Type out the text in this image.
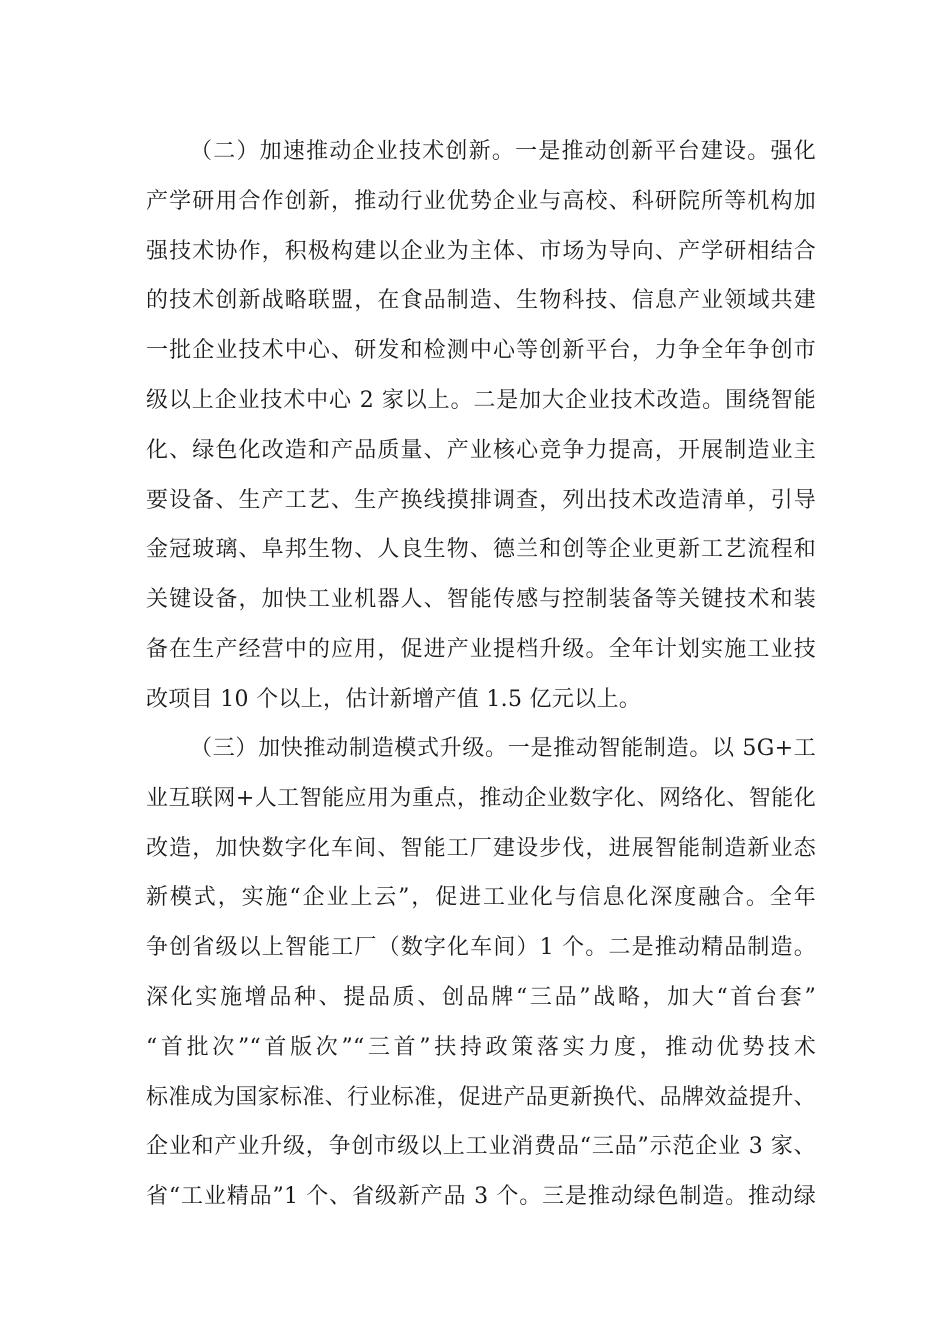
（二）加速推动企业技术创新。一是推动创新平台建设。强化
产学研用合作创新，推动行业优势企业与高校、科研院所等机构加
强技术协作，积极构建以企业为主体、市场为导向、产学研相结合
的技术创新战略联盟，在食品制造、生物科技、信息产业领域共建
一批企业技术中心、研发和检测中心等创新平台，力争全年争创市
级以上企业技术中心 2 家以上。二是加大企业技术改造。围绕智能
化、绿色化改造和产品质量、产业核心竞争力提高，开展制造业主
要设备、生产工艺、生产换线摸排调查，列出技术改造清单，引导
金冠玻璃、阜邦生物、人良生物、德兰和创等企业更新工艺流程和
关键设备，加快工业机器人、智能传感与控制装备等关键技术和装
备在生产经营中的应用，促进产业提档升级。全年计划实施工业技
改项目 10 个以上，估计新增产值 1.5 亿元以上。
（三）加快推动制造模式升级。一是推动智能制造。以 5G+工
业互联网+人工智能应用为重点，推动企业数字化、网络化、智能化
改造，加快数字化车间、智能工厂建设步伐，进展智能制造新业态
新模式，实施“企业上云”，促进工业化与信息化深度融合。全年
争创省级以上智能工厂（数字化车间）1 个。二是推动精品制造。
深化实施增品种、提品质、创品牌“三品”战略，加大“首台套”
“首批次”“首版次”“三首”扶持政策落实力度，推动优势技术
标准成为国家标准、行业标准，促进产品更新换代、品牌效益提升、
企业和产业升级，争创市级以上工业消费品“三品”示范企业 3 家、
省“工业精品”1 个、省级新产品 3 个。三是推动绿色制造。推动绿
